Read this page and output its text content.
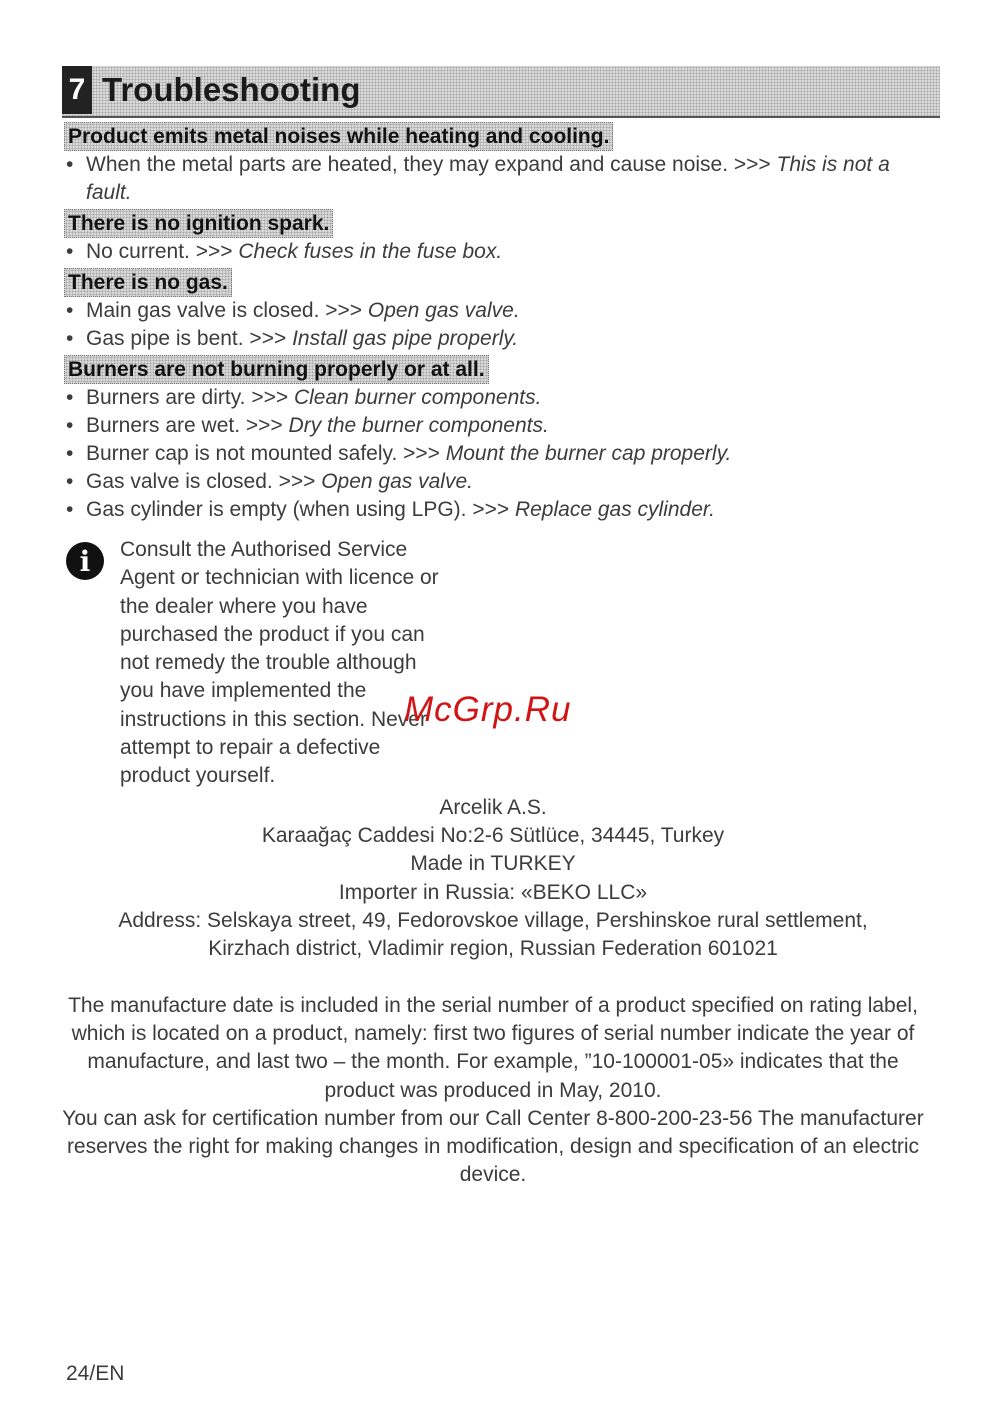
7 Troubleshooting
Product emits metal noises while heating and cooling.
• When the metal parts are heated, they may expand and cause noise. >>> This is not a fault.
There is no ignition spark.
• No current. >>> Check fuses in the fuse box.
There is no gas.
• Main gas valve is closed. >>> Open gas valve.
• Gas pipe is bent. >>> Install gas pipe properly.
Burners are not burning properly or at all.
• Burners are dirty. >>> Clean burner components.
• Burners are wet. >>> Dry the burner components.
• Burner cap is not mounted safely. >>> Mount the burner cap properly.
• Gas valve is closed. >>> Open gas valve.
• Gas cylinder is empty (when using LPG). >>> Replace gas cylinder.
i	Consult the Authorised Service
Agent or technician with licence or
the dealer where you have
purchased the product if you can
not remedy the trouble although
you have implemented the
instructions in this section. Never
attempt to repair a defective
product yourself.
McGrp.Ru
Arcelik A.S.
Karaağaç Caddesi No:2-6 Sütlüce, 34445, Turkey
Made in TURKEY
Importer in Russia: «BEKO LLC»
Address: Selskaya street, 49, Fedorovskoe village, Pershinskoe rural settlement,
Kirzhach district, Vladimir region, Russian Federation 601021

The manufacture date is included in the serial number of a product specified on rating label, which is located on a product, namely: first two figures of serial number indicate the year of manufacture, and last two – the month. For example, ”10-100001-05» indicates that the product was produced in May, 2010.

You can ask for certification number from our Call Center 8-800-200-23-56 The manufacturer reserves the right for making changes in modification, design and specification of an electric device.

24/EN
